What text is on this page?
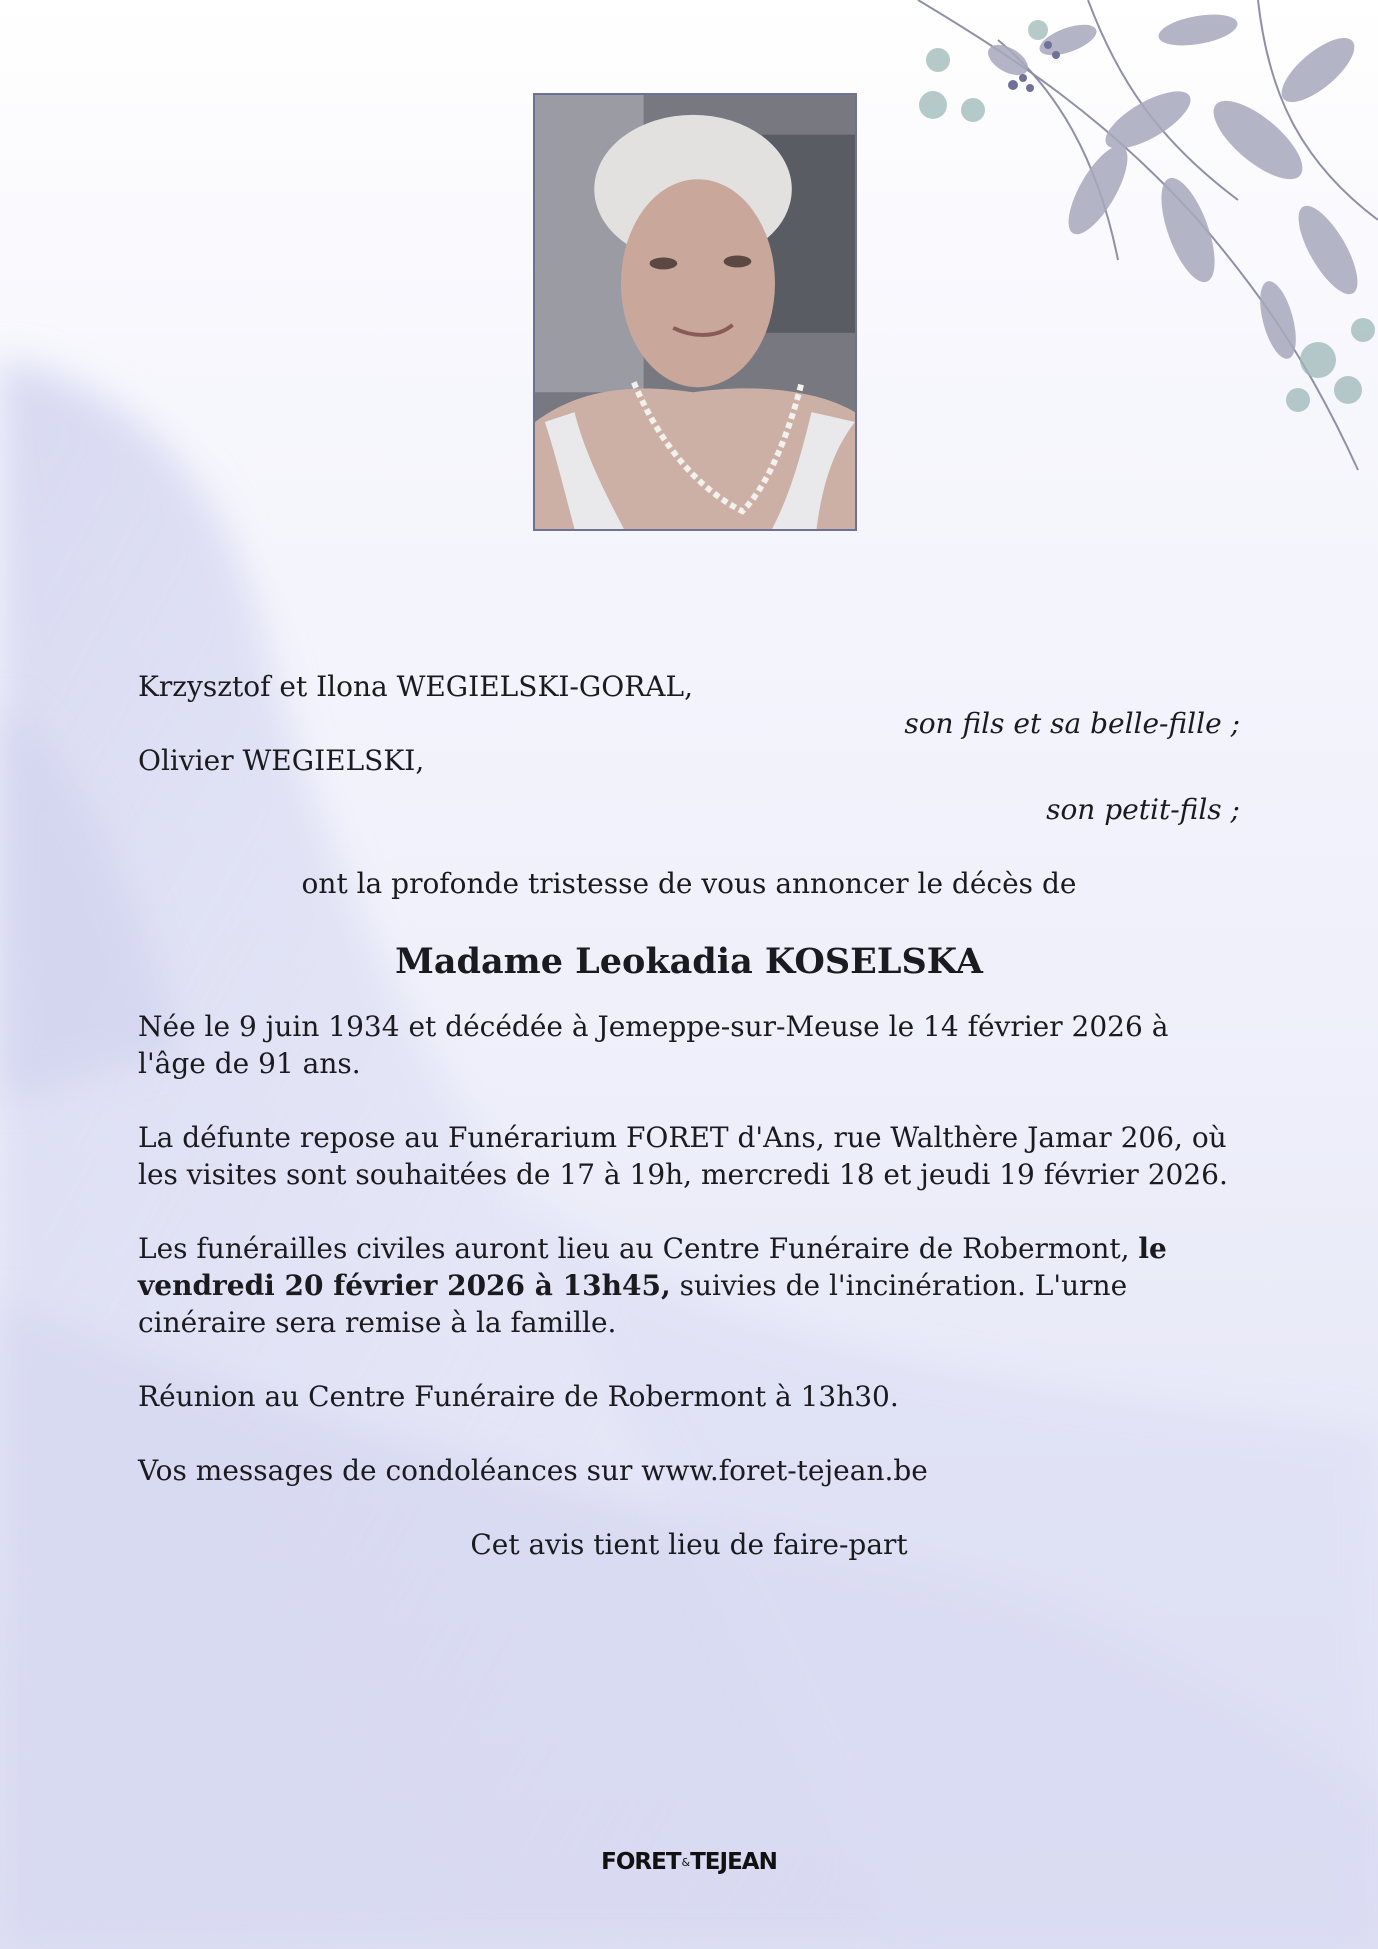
Krzysztof et Ilona WEGIELSKI-GORAL,

son fils et sa belle-fille ;

Olivier WEGIELSKI,

son petit-fils ;

ont la profonde tristesse de vous annoncer le décès de

Madame Leokadia KOSELSKA

Née le 9 juin 1934 et décédée à Jemeppe-sur-Meuse le 14 février 2026 à l'âge de 91 ans.

La défunte repose au Funérarium FORET d'Ans, rue Walthère Jamar 206, où les visites sont souhaitées de 17 à 19h, mercredi 18 et jeudi 19 février 2026.

Les funérailles civiles auront lieu au Centre Funéraire de Robermont, le vendredi 20 février 2026 à 13h45, suivies de l'incinération. L'urne cinéraire sera remise à la famille.

Réunion au Centre Funéraire de Robermont à 13h30.

Vos messages de condoléances sur www.foret-tejean.be

Cet avis tient lieu de faire-part

FORET&TEJEAN
